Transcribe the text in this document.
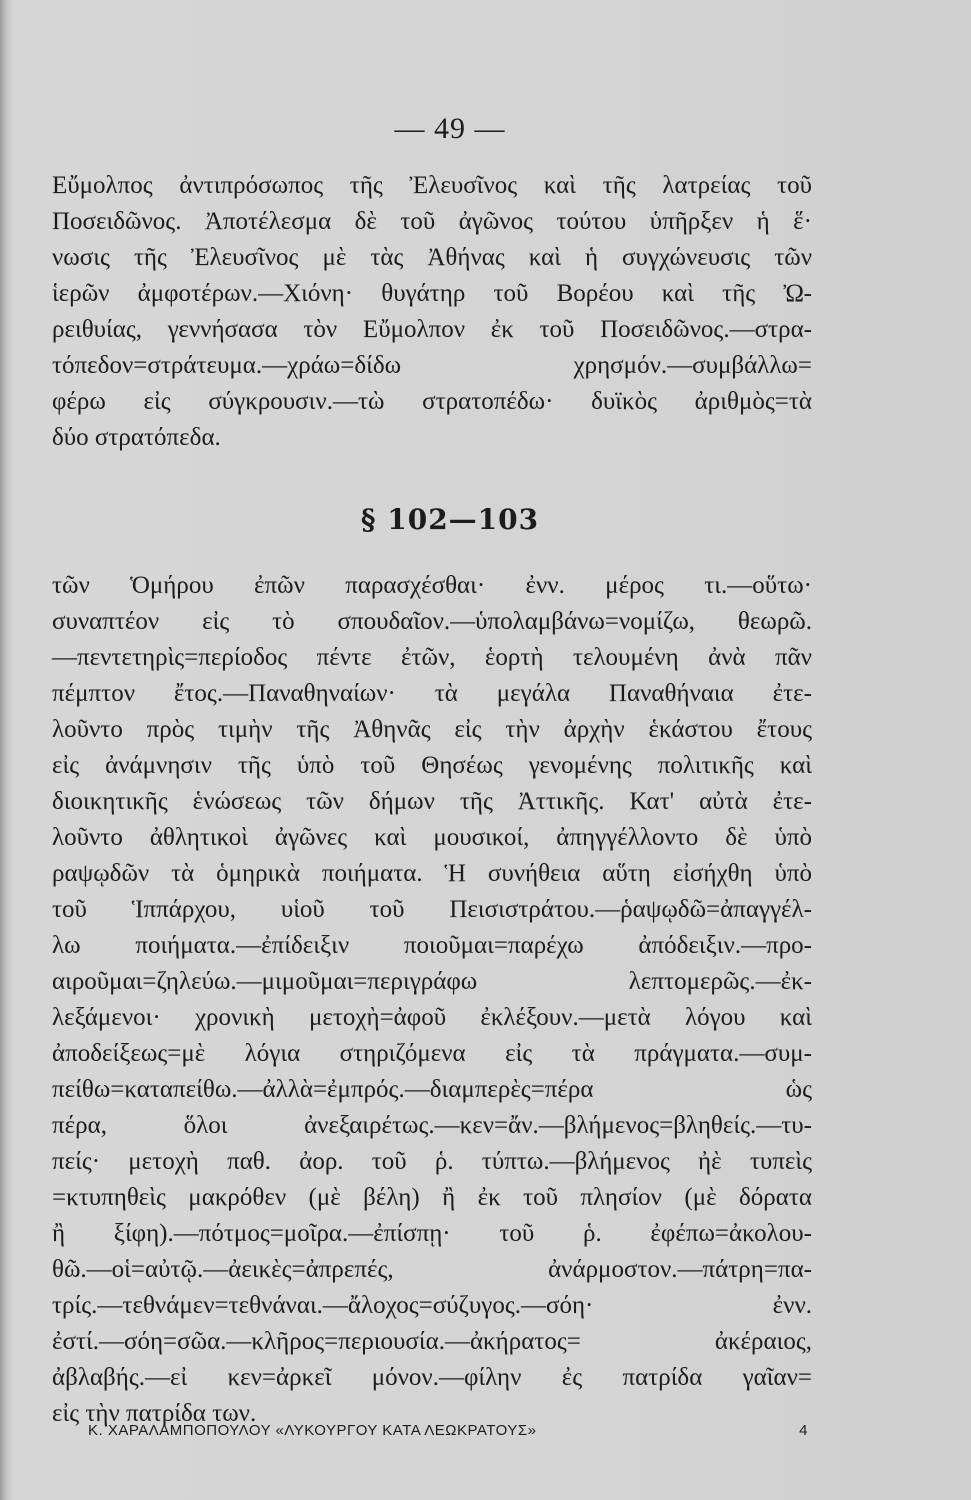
— 49 —
Εὔμολπος ἀντιπρόσωπος τῆς Ἐλευσῖνος καὶ τῆς λατρείας τοῦ
Ποσειδῶνος. Ἀποτέλεσμα δὲ τοῦ ἀγῶνος τούτου ὑπῆρξεν ἡ ἕ·
νωσις τῆς Ἐλευσῖνος μὲ τὰς Ἀθήνας καὶ ἡ συγχώνευσις τῶν
ἱερῶν ἀμφοτέρων.—Χιόνη· θυγάτηρ τοῦ Βορέου καὶ τῆς Ὠ-
ρειθυίας, γεννήσασα τὸν Εὔμολπον ἐκ τοῦ Ποσειδῶνος.—στρα-
τόπεδον=στράτευμα.—χράω=δίδω χρησμόν.—συμβάλλω=
φέρω εἰς σύγκρουσιν.—τὼ στρατοπέδω· δυϊκὸς ἀριθμὸς=τὰ
δύο στρατόπεδα.
§ 102—103
τῶν Ὁμήρου ἐπῶν παρασχέσθαι· ἐνν. μέρος τι.—οὕτω·
συναπτέον εἰς τὸ σπουδαῖον.—ὑπολαμβάνω=νομίζω, θεωρῶ.
—πεντετηρὶς=περίοδος πέντε ἐτῶν, ἑορτὴ τελουμένη ἀνὰ πᾶν
πέμπτον ἔτος.—Παναθηναίων· τὰ μεγάλα Παναθήναια ἐτε-
λοῦντο πρὸς τιμὴν τῆς Ἀθηνᾶς εἰς τὴν ἀρχὴν ἑκάστου ἔτους
εἰς ἀνάμνησιν τῆς ὑπὸ τοῦ Θησέως γενομένης πολιτικῆς καὶ
διοικητικῆς ἑνώσεως τῶν δήμων τῆς Ἀττικῆς. Κατ' αὐτὰ ἐτε-
λοῦντο ἀθλητικοὶ ἀγῶνες καὶ μουσικοί, ἀπηγγέλλοντο δὲ ὑπὸ
ραψῳδῶν τὰ ὁμηρικὰ ποιήματα. Ἡ συνήθεια αὕτη εἰσήχθη ὑπὸ
τοῦ Ἱππάρχου, υἱοῦ τοῦ Πεισιστράτου.—ῥαψῳδῶ=ἀπαγγέλ-
λω ποιήματα.—ἐπίδειξιν ποιοῦμαι=παρέχω ἀπόδειξιν.—προ-
αιροῦμαι=ζηλεύω.—μιμοῦμαι=περιγράφω λεπτομερῶς.—ἐκ-
λεξάμενοι· χρονικὴ μετοχὴ=ἀφοῦ ἐκλέξουν.—μετὰ λόγου καὶ
ἀποδείξεως=μὲ λόγια στηριζόμενα εἰς τὰ πράγματα.—συμ-
πείθω=καταπείθω.—ἀλλὰ=ἐμπρός.—διαμπερὲς=πέρα ὡς
πέρα, ὅλοι ἀνεξαιρέτως.—κεν=ἄν.—βλήμενος=βληθείς.—τυ-
πείς· μετοχὴ παθ. ἀορ. τοῦ ῥ. τύπτω.—βλήμενος ἠὲ τυπεὶς
=κτυπηθεὶς μακρόθεν (μὲ βέλη) ἢ ἐκ τοῦ πλησίον (μὲ δόρατα
ἢ ξίφη).—πότμος=μοῖρα.—ἐπίσπῃ· τοῦ ῥ. ἐφέπω=ἀκολου-
θῶ.—οἱ=αὐτῷ.—ἀεικὲς=ἀπρεπές, ἀνάρμοστον.—πάτρη=πα-
τρίς.—τεθνάμεν=τεθνάναι.—ἄλοχος=σύζυγος.—σόη· ἐνν.
ἐστί.—σόη=σῶα.—κλῆρος=περιουσία.—ἀκήρατος= ἀκέραιος,
ἀβλαβής.—εἰ κεν=ἀρκεῖ μόνον.—φίλην ἐς πατρίδα γαῖαν=
εἰς τὴν πατρίδα των.
Κ. ΧΑΡΑΛΑΜΠΟΠΟΥΛΟΥ «ΛΥΚΟΥΡΓΟΥ ΚΑΤΑ ΛΕΩΚΡΑΤΟΥΣ»	4
